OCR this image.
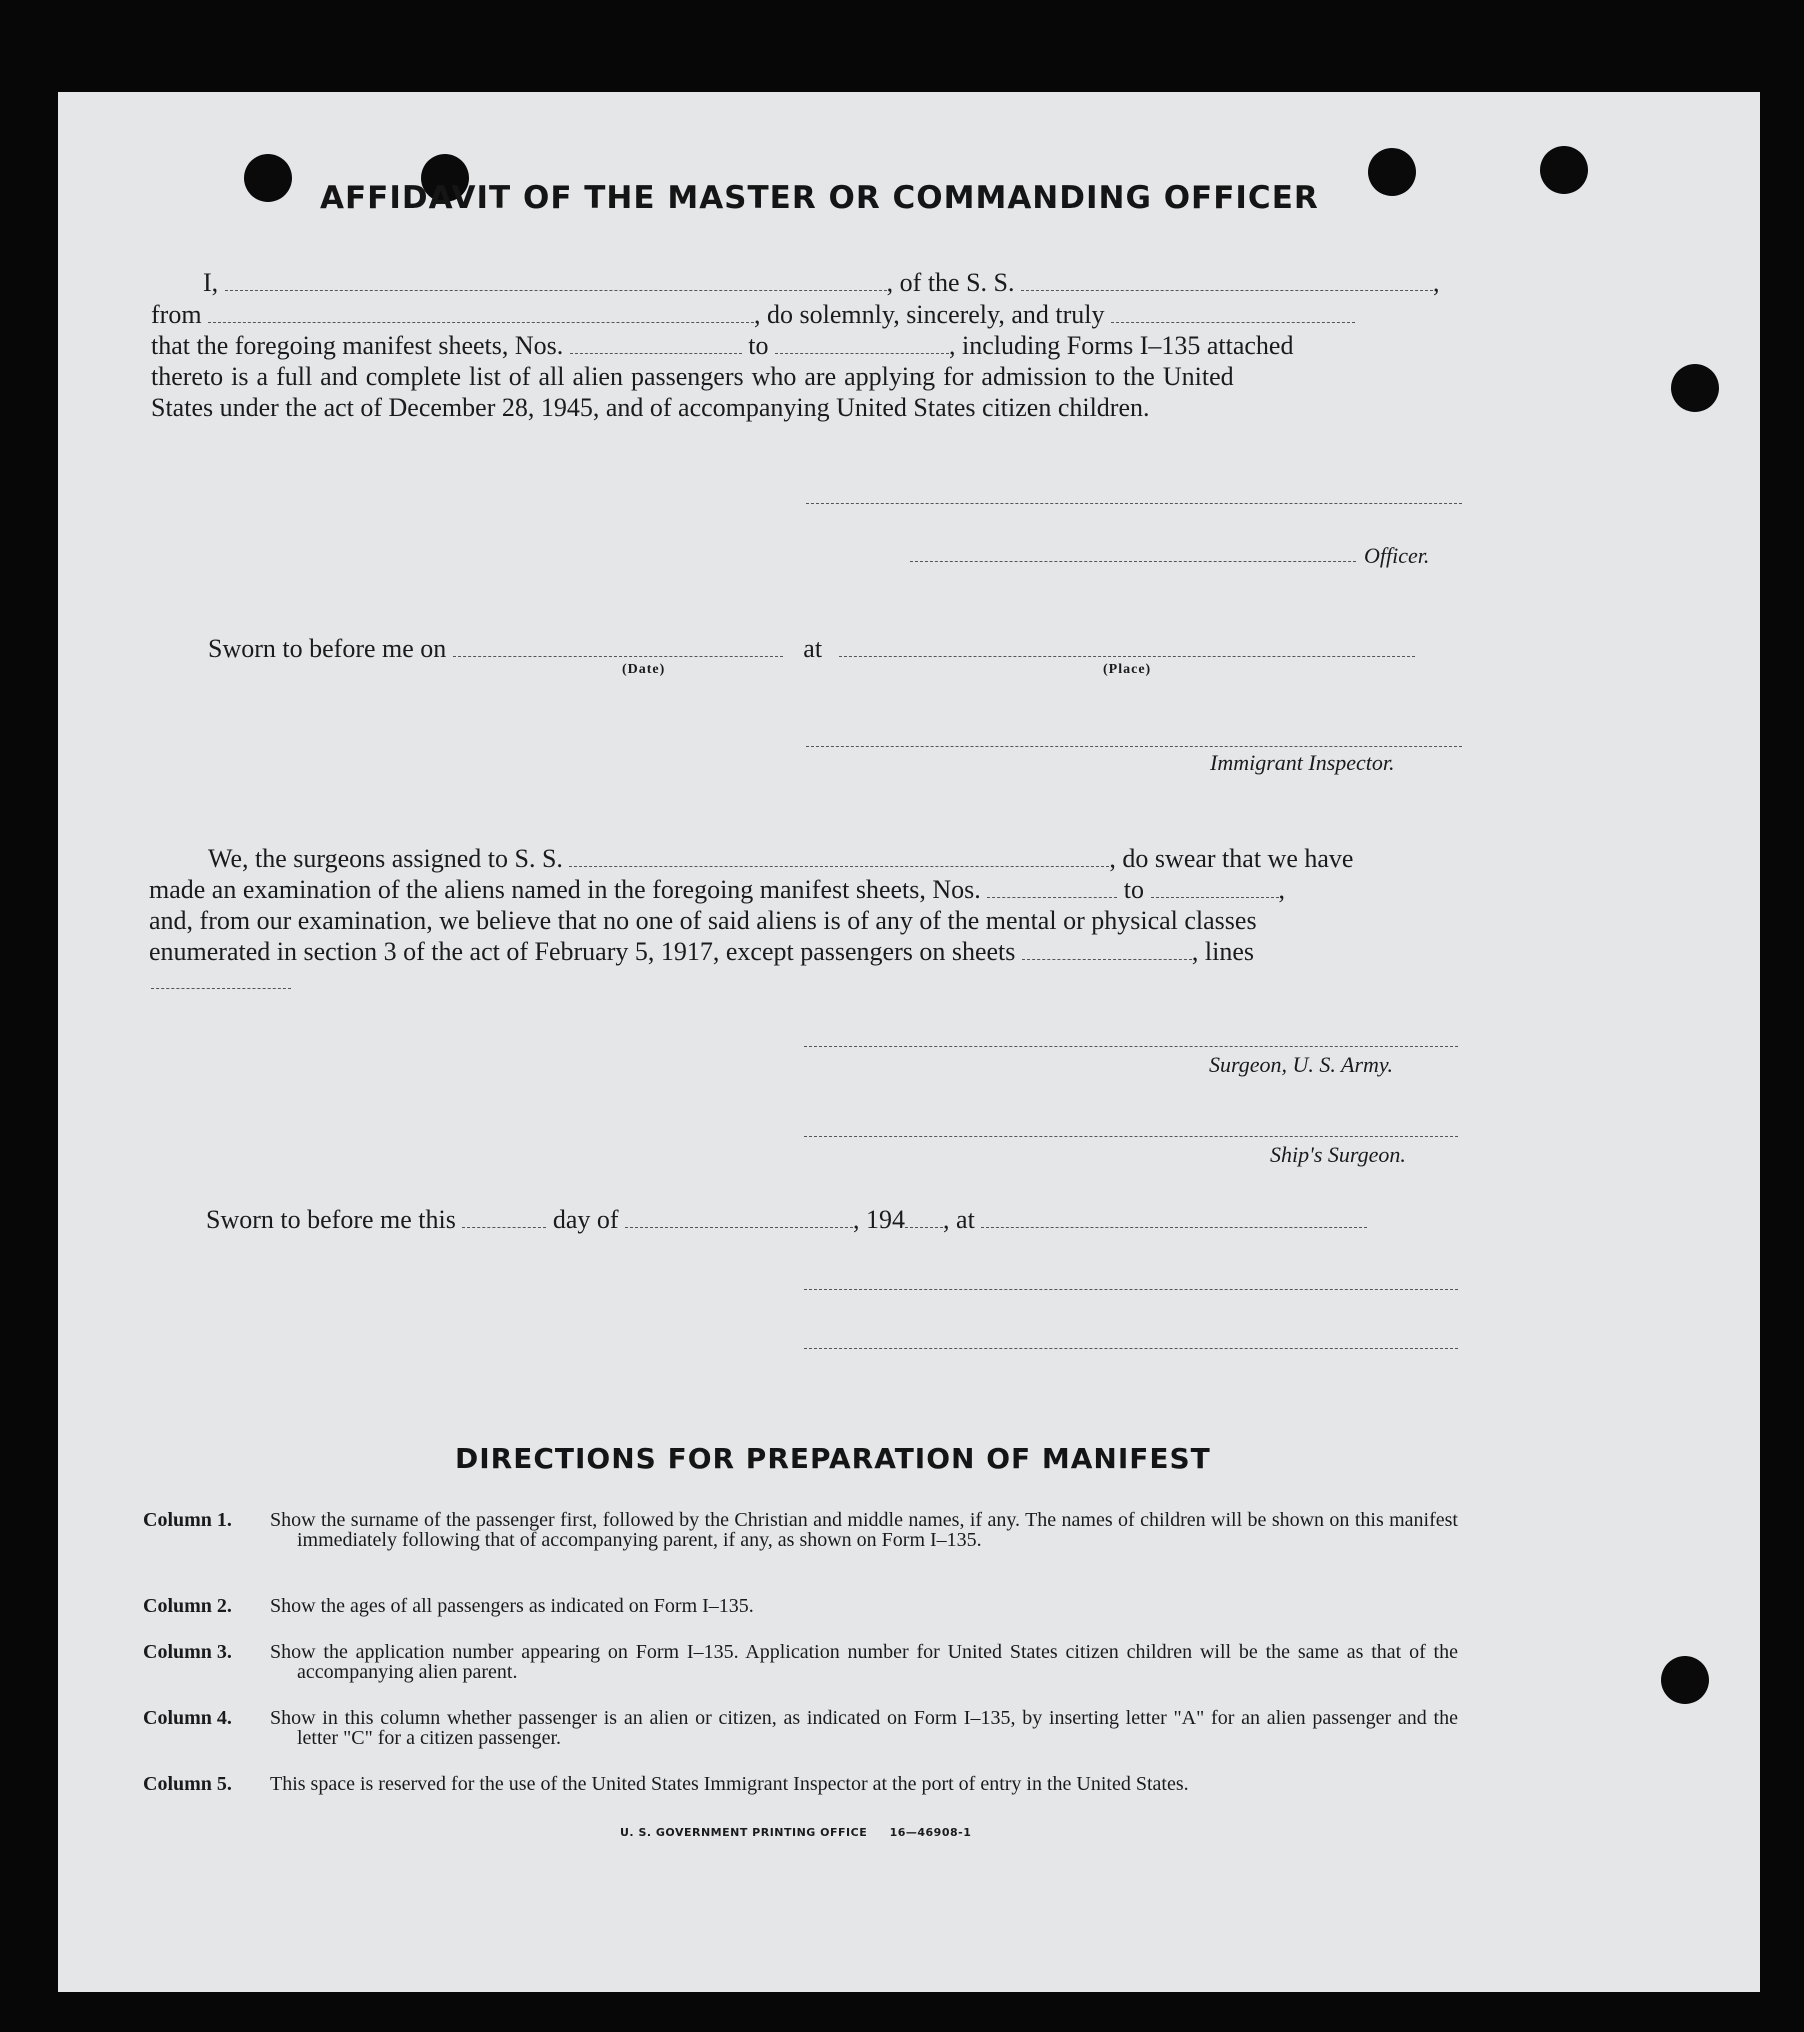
AFFIDAVIT OF THE MASTER OR COMMANDING OFFICER
I,	, of the S. S.	,
from	, do solemnly, sincerely, and truly
that the foregoing manifest sheets, Nos.	to	, including Forms I–135 attached
thereto is a full and complete list of all alien passengers who are applying for admission to the United
States under the act of December 28, 1945, and of accompanying United States citizen children.
Officer.
Sworn to before me on	at
(Date)	(Place)
Immigrant Inspector.
We, the surgeons assigned to S. S.	, do swear that we have
made an examination of the aliens named in the foregoing manifest sheets, Nos.	to	,
and, from our examination, we believe that no one of said aliens is of any of the mental or physical classes
enumerated in section 3 of the act of February 5, 1917, except passengers on sheets	, lines
Surgeon, U. S. Army.
Ship's Surgeon.
Sworn to before me this	day of	, 194 , at
DIRECTIONS FOR PREPARATION OF MANIFEST
Column 1. Show the surname of the passenger first, followed by the Christian and middle names, if any. The names of children will be shown on this manifest immediately following that of accompanying parent, if any, as shown on Form I–135.
Column 2. Show the ages of all passengers as indicated on Form I–135.
Column 3. Show the application number appearing on Form I–135. Application number for United States citizen children will be the same as that of the accompanying alien parent.
Column 4. Show in this column whether passenger is an alien or citizen, as indicated on Form I–135, by inserting letter "A" for an alien passenger and the letter "C" for a citizen passenger.
Column 5. This space is reserved for the use of the United States Immigrant Inspector at the port of entry in the United States.
U. S. GOVERNMENT PRINTING OFFICE 16—46908-1
